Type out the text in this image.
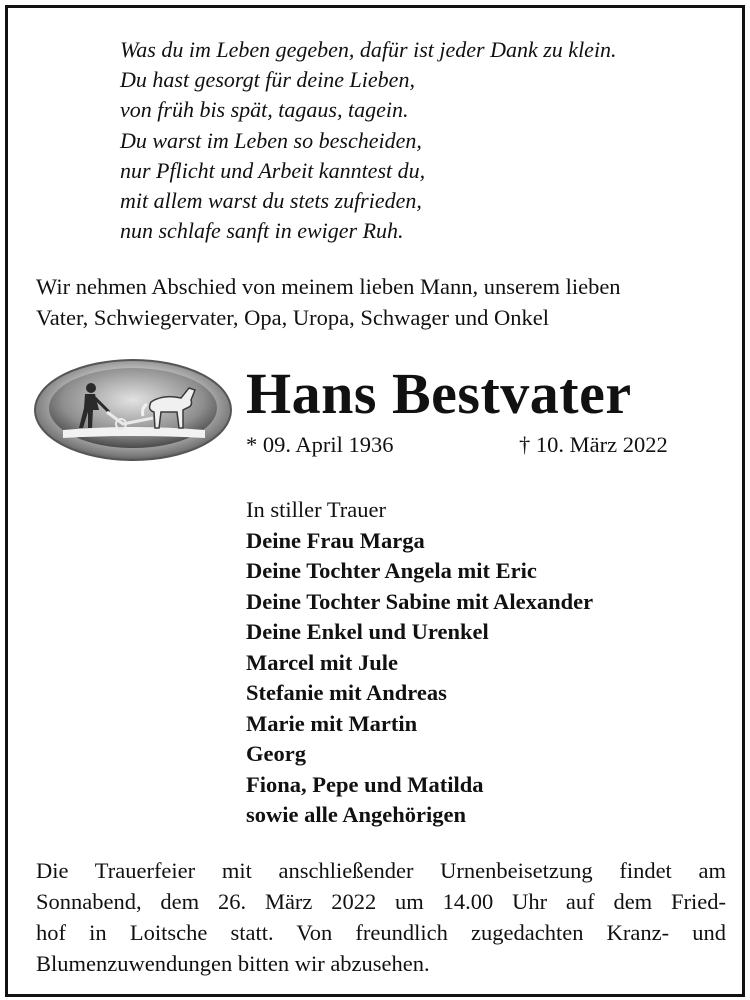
Was du im Leben gegeben, dafür ist jeder Dank zu klein.
Du hast gesorgt für deine Lieben,
von früh bis spät, tagaus, tagein.
Du warst im Leben so bescheiden,
nur Pflicht und Arbeit kanntest du,
mit allem warst du stets zufrieden,
nun schlafe sanft in ewiger Ruh.
Wir nehmen Abschied von meinem lieben Mann, unserem lieben
Vater, Schwiegervater, Opa, Uropa, Schwager und Onkel
Hans Bestvater
* 09. April 1936	† 10. März 2022
In stiller Trauer
Deine Frau Marga
Deine Tochter Angela mit Eric
Deine Tochter Sabine mit Alexander
Deine Enkel und Urenkel
Marcel mit Jule
Stefanie mit Andreas
Marie mit Martin
Georg
Fiona, Pepe und Matilda
sowie alle Angehörigen
Die Trauerfeier mit anschließender Urnenbeisetzung findet am
Sonnabend, dem 26. März 2022 um 14.00 Uhr auf dem Fried-
hof in Loitsche statt. Von freundlich zugedachten Kranz- und
Blumenzuwendungen bitten wir abzusehen.
